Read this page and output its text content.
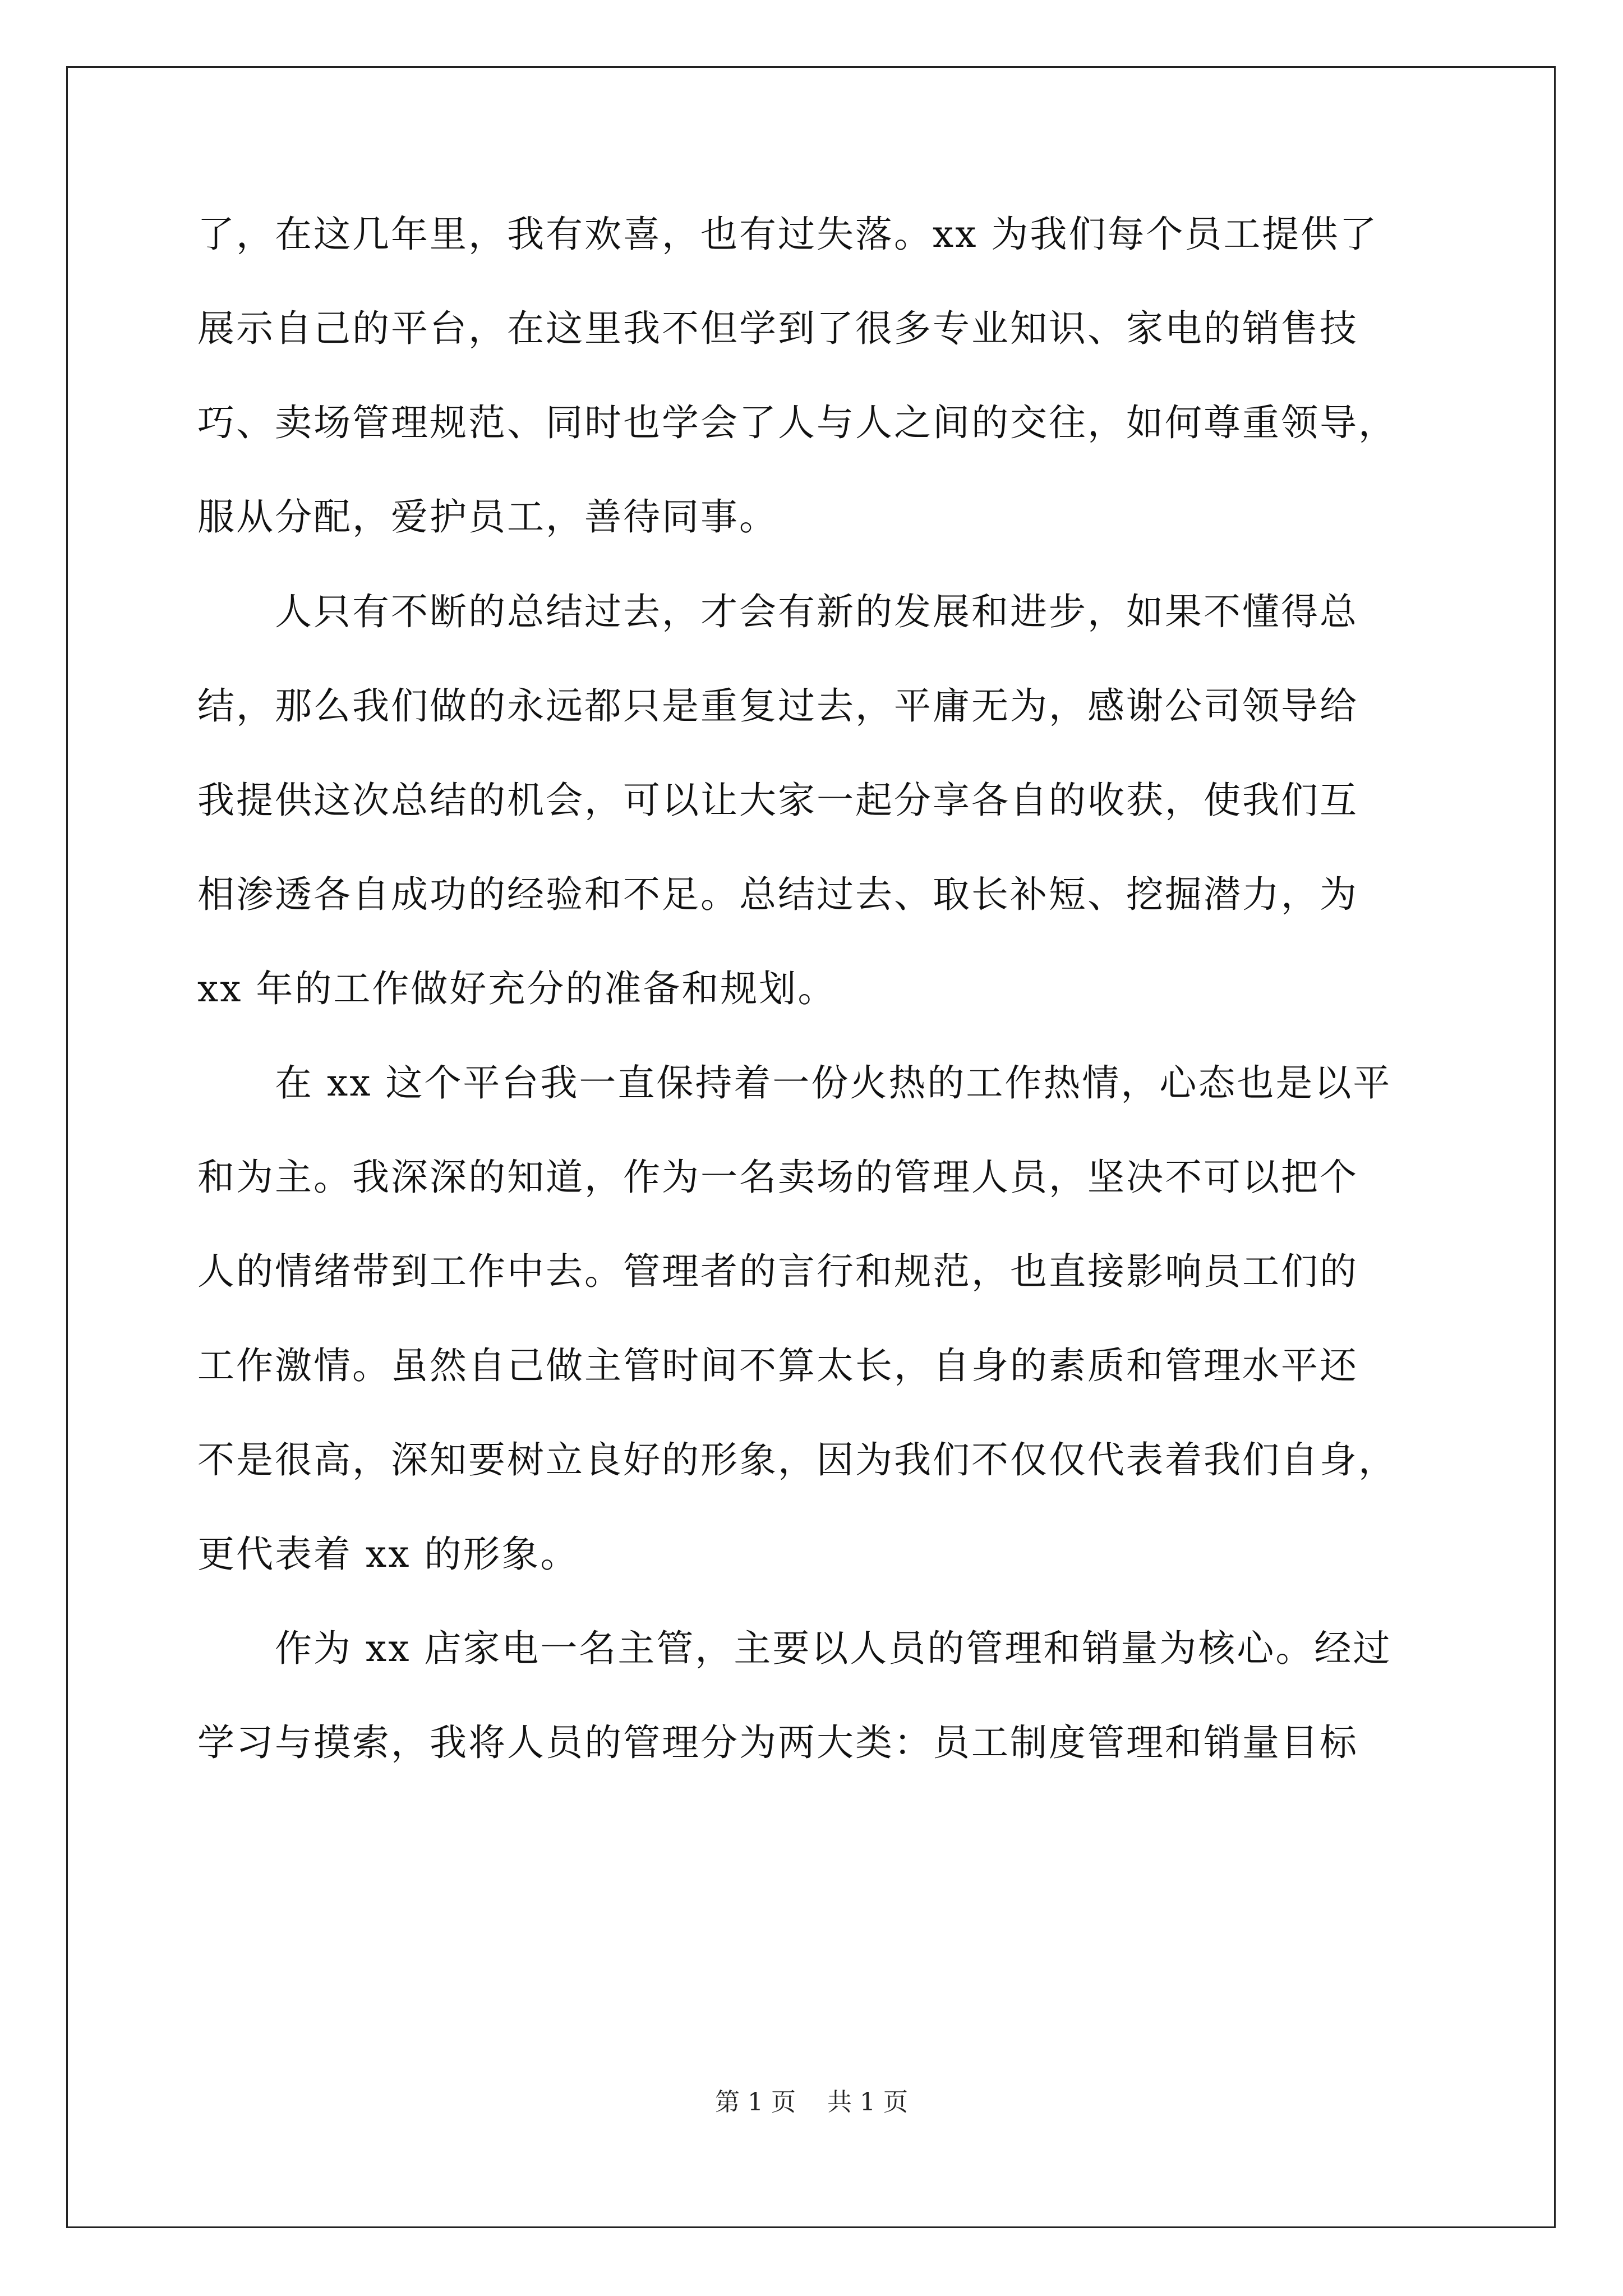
了，在这几年里，我有欢喜，也有过失落。xx 为我们每个员工提供了
展示自己的平台，在这里我不但学到了很多专业知识、家电的销售技
巧、卖场管理规范、同时也学会了人与人之间的交往，如何尊重领导，
服从分配，爱护员工，善待同事。
　　人只有不断的总结过去，才会有新的发展和进步，如果不懂得总
结，那么我们做的永远都只是重复过去，平庸无为，感谢公司领导给
我提供这次总结的机会，可以让大家一起分享各自的收获，使我们互
相渗透各自成功的经验和不足。总结过去、取长补短、挖掘潜力，为
xx 年的工作做好充分的准备和规划。
　　在 xx 这个平台我一直保持着一份火热的工作热情，心态也是以平
和为主。我深深的知道，作为一名卖场的管理人员，坚决不可以把个
人的情绪带到工作中去。管理者的言行和规范，也直接影响员工们的
工作激情。虽然自己做主管时间不算太长，自身的素质和管理水平还
不是很高，深知要树立良好的形象，因为我们不仅仅代表着我们自身，
更代表着 xx 的形象。
　　作为 xx 店家电一名主管，主要以人员的管理和销量为核心。经过
学习与摸索，我将人员的管理分为两大类：员工制度管理和销量目标
第 1 页 共 1 页
